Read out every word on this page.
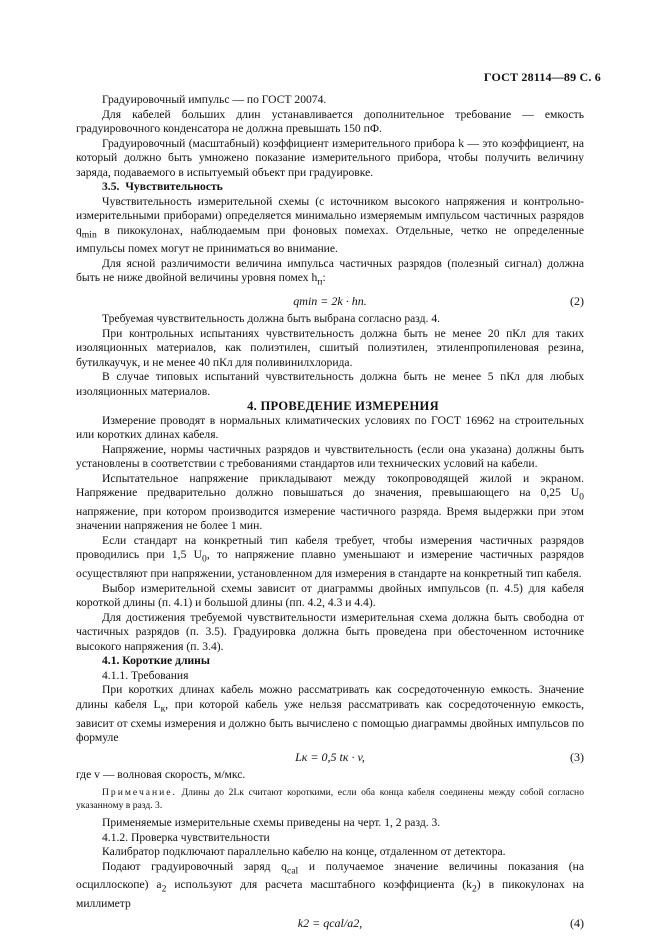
ГОСТ 28114—89 С. 6

Градуировочный импульс — по ГОСТ 20074.

Для кабелей больших длин устанавливается дополнительное требование — емкость градуировочного конденсатора не должна превышать 150 пФ.

Градуировочный (масштабный) коэффициент измерительного прибора k — это коэффициент, на который должно быть умножено показание измерительного прибора, чтобы получить величину заряда, подаваемого в испытуемый объект при градуировке.

3.5. Чувствительность

Чувствительность измерительной схемы (с источником высокого напряжения и контрольно-измерительными приборами) определяется минимально измеряемым импульсом частичных разрядов $q_{min}$ в пикокулонах, наблюдаемым при фоновых помехах. Отдельные, четко не определенные импульсы помех могут не приниматься во внимание.

Для ясной различимости величина импульса частичных разрядов (полезный сигнал) должна быть не ниже двойной величины уровня помех $h_п$:

qmin = 2k · hп.	(2)

Требуемая чувствительность должна быть выбрана согласно разд. 4.

При контрольных испытаниях чувствительность должна быть не менее 20 пКл для таких изоляционных материалов, как полиэтилен, сшитый полиэтилен, этиленпропиленовая резина, бутилкаучук, и не менее 40 пКл для поливинилхлорида.

В случае типовых испытаний чувствительность должна быть не менее 5 пКл для любых изоляционных материалов.

4. ПРОВЕДЕНИЕ ИЗМЕРЕНИЯ

Измерение проводят в нормальных климатических условиях по ГОСТ 16962 на строительных или коротких длинах кабеля.

Напряжение, нормы частичных разрядов и чувствительность (если она указана) должны быть установлены в соответствии с требованиями стандартов или технических условий на кабели.

Испытательное напряжение прикладывают между токопроводящей жилой и экраном. Напряжение предварительно должно повышаться до значения, превышающего на 0,25 $U_0$ напряжение, при котором производится измерение частичного разряда. Время выдержки при этом значении напряжения не более 1 мин.

Если стандарт на конкретный тип кабеля требует, чтобы измерения частичных разрядов проводились при 1,5 $U_0$, то напряжение плавно уменьшают и измерение частичных разрядов осуществляют при напряжении, установленном для измерения в стандарте на конкретный тип кабеля.

Выбор измерительной схемы зависит от диаграммы двойных импульсов (п. 4.5) для кабеля короткой длины (п. 4.1) и большой длины (пп. 4.2, 4.3 и 4.4).

Для достижения требуемой чувствительности измерительная схема должна быть свободна от частичных разрядов (п. 3.5). Градуировка должна быть проведена при обесточенном источнике высокого напряжения (п. 3.4).

4.1. Короткие длины

4.1.1. Требования

При коротких длинах кабель можно рассматривать как сосредоточенную емкость. Значение длины кабеля $L_к$, при которой кабель уже нельзя рассматривать как сосредоточенную емкость, зависит от схемы измерения и должно быть вычислено с помощью диаграммы двойных импульсов по формуле

Lк = 0,5 tк · v,	(3)

где v — волновая скорость, м/мкс.

Примечание. Длины до 2Lк считают короткими, если оба конца кабеля соединены между собой согласно указанному в разд. 3.

Применяемые измерительные схемы приведены на черт. 1, 2 разд. 3.

4.1.2. Проверка чувствительности

Калибратор подключают параллельно кабелю на конце, отдаленном от детектора.

Подают градуировочный заряд $q_{cal}$ и получаемое значение величины показания (на осциллоскопе) $a_2$ используют для расчета масштабного коэффициента $(k_2)$ в пикокулонах на миллиметр

k2 = qcal/a2,	(4)
